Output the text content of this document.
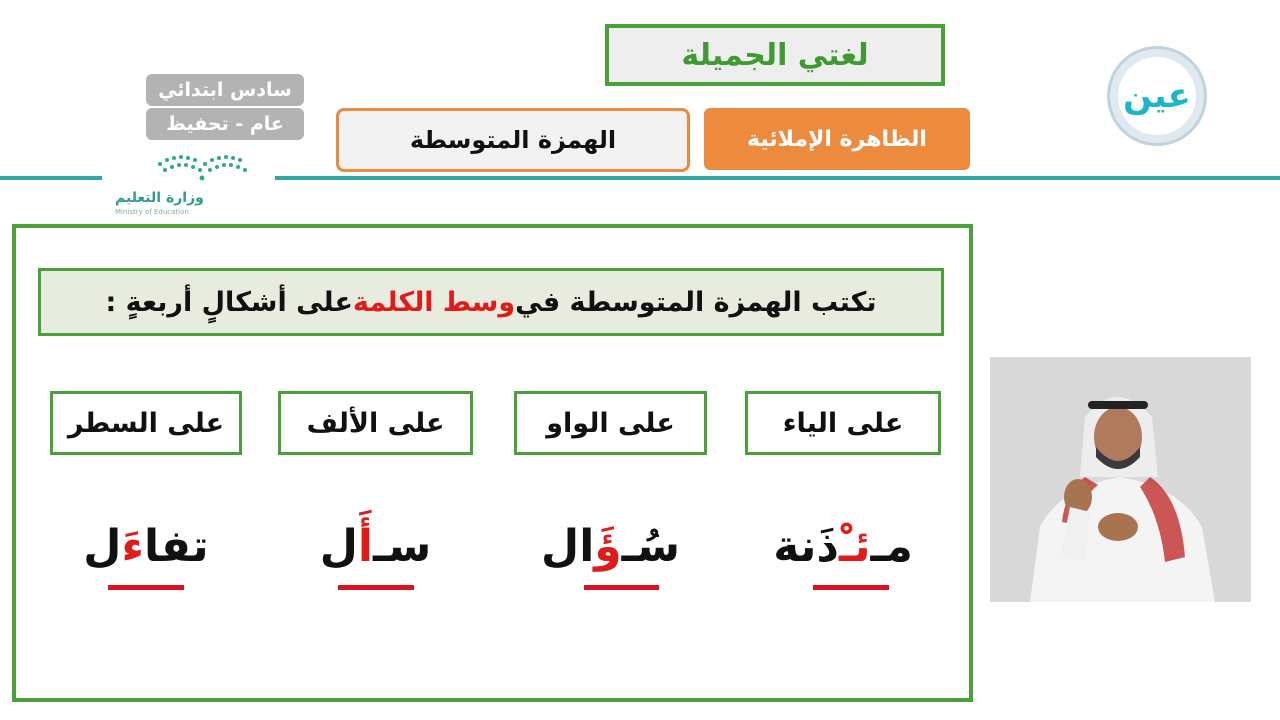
لغتي الجميلة
سادس ابتدائي
عام - تحفيظ
الهمزة المتوسطة	الظاهرة الإملائية
عين
وزارة التعليم
Ministry of Education
تكتب الهمزة المتوسطة في
وسط الكلمة
على أشكالٍ أربعةٍ :
على الياء
على الواو
على الألف
على السطر
مـ
ئـْ
ذَنة
سُـ
ؤَ
ال
سـ
أَ
ل
تفا
ءَ
ل
